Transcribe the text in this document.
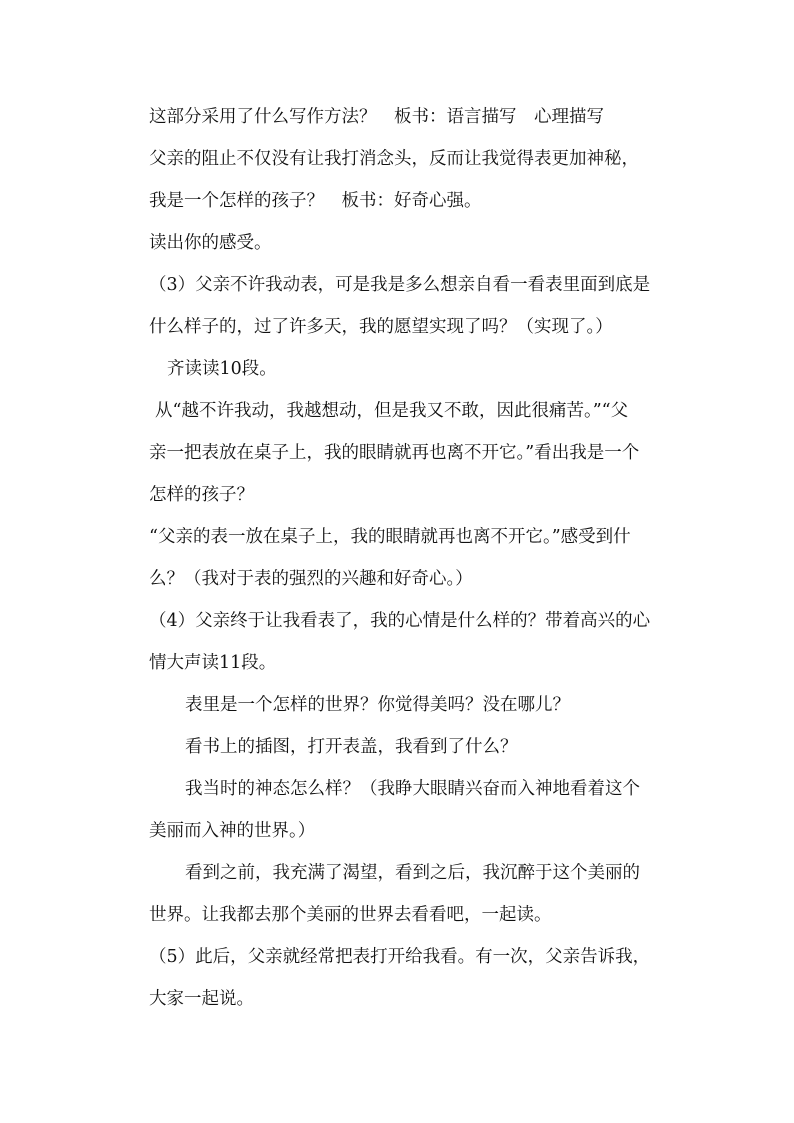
这部分采用了什么写作方法？　板书：语言描写　心理描写
父亲的阻止不仅没有让我打消念头，反而让我觉得表更加神秘，
我是一个怎样的孩子？　板书：好奇心强。
读出你的感受。
（3）父亲不许我动表，可是我是多么想亲自看一看表里面到底是
什么样子的，过了许多天，我的愿望实现了吗？（实现了。）
齐读读10段。
从“越不许我动，我越想动，但是我又不敢，因此很痛苦。”“父
亲一把表放在桌子上，我的眼睛就再也离不开它。”看出我是一个
怎样的孩子？
“父亲的表一放在桌子上，我的眼睛就再也离不开它。”感受到什
么？（我对于表的强烈的兴趣和好奇心。）
（4）父亲终于让我看表了，我的心情是什么样的？带着高兴的心
情大声读11段。
表里是一个怎样的世界？你觉得美吗？没在哪儿？
看书上的插图，打开表盖，我看到了什么？
我当时的神态怎么样？（我睁大眼睛兴奋而入神地看着这个
美丽而入神的世界。）
看到之前，我充满了渴望，看到之后，我沉醉于这个美丽的
世界。让我都去那个美丽的世界去看看吧，一起读。
（5）此后，父亲就经常把表打开给我看。有一次，父亲告诉我，
大家一起说。
